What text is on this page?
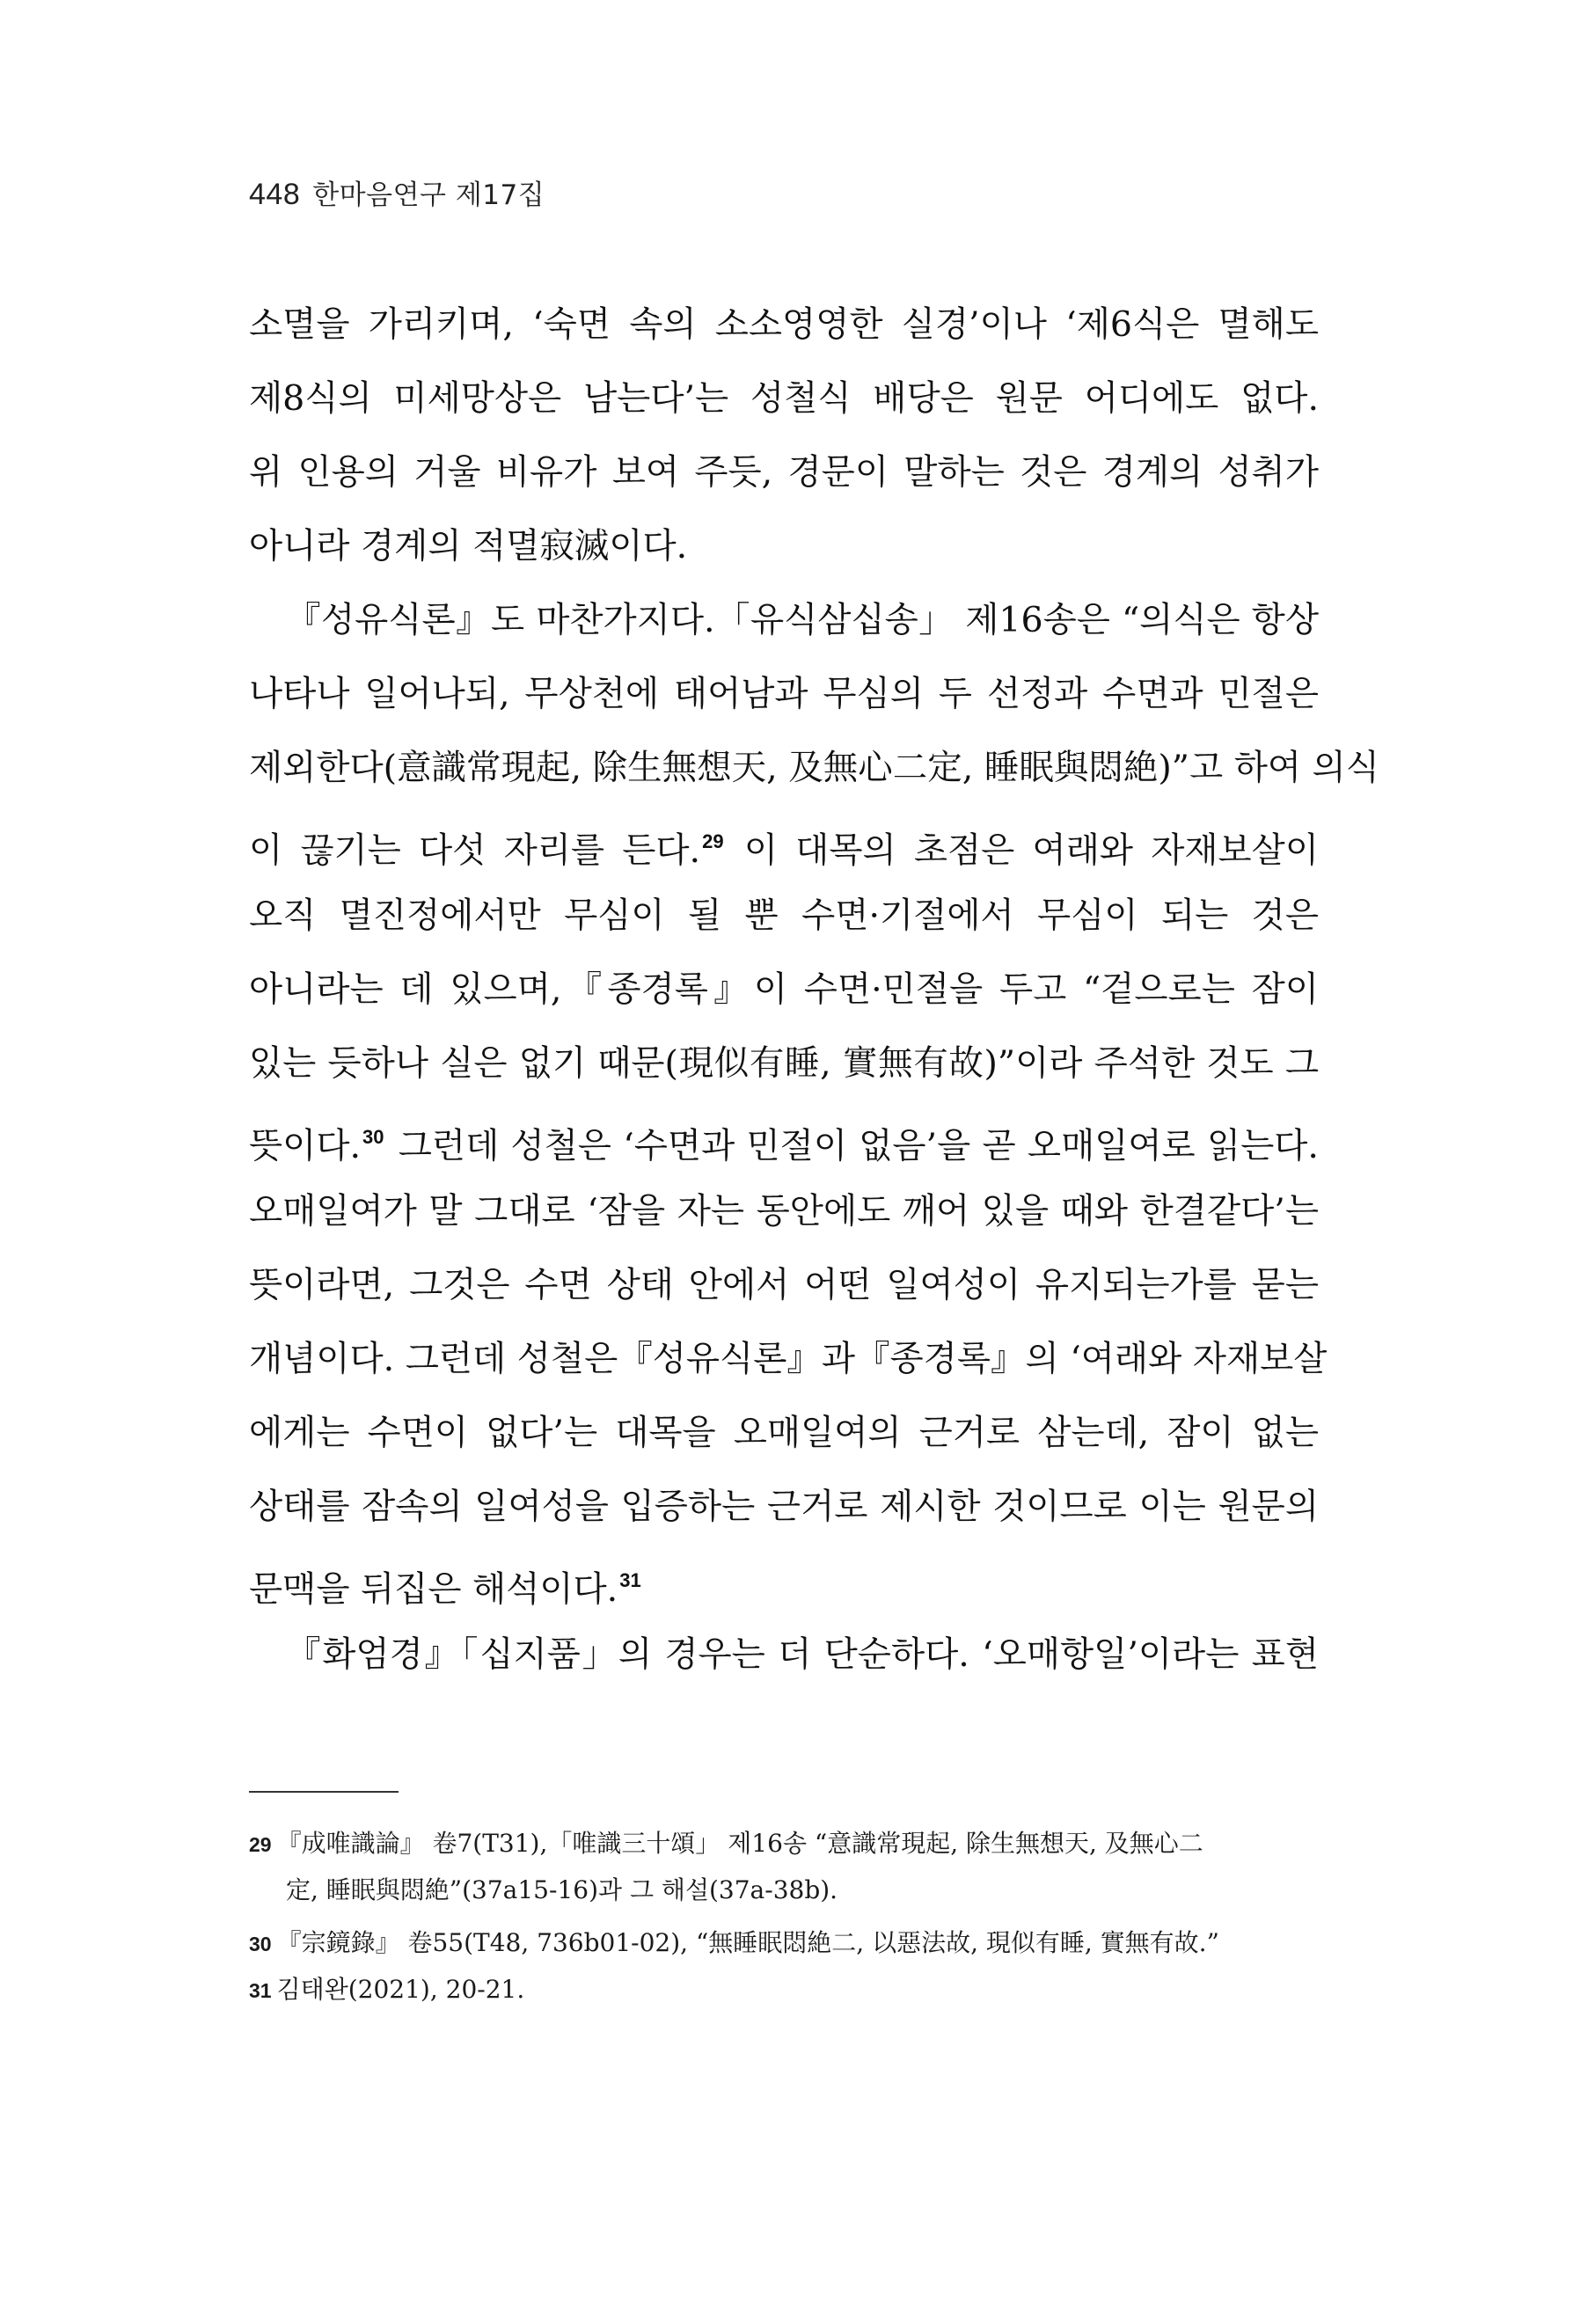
448 한마음연구 제17집
소멸을 가리키며, ‘숙면 속의 소소영영한 실경’이나 ‘제6식은 멸해도
제8식의 미세망상은 남는다’는 성철식 배당은 원문 어디에도 없다.
위 인용의 거울 비유가 보여 주듯, 경문이 말하는 것은 경계의 성취가
아니라 경계의 적멸寂滅이다.
『성유식론』도 마찬가지다.「유식삼십송」 제16송은 “의식은 항상
나타나 일어나되, 무상천에 태어남과 무심의 두 선정과 수면과 민절은
제외한다(意識常現起, 除生無想天, 及無心二定, 睡眠與悶絶)”고 하여 의식
이 끊기는 다섯 자리를 든다.$^{29}$ 이 대목의 초점은 여래와 자재보살이
오직 멸진정에서만 무심이 될 뿐 수면·기절에서 무심이 되는 것은
아니라는 데 있으며,『종경록』이 수면·민절을 두고 “겉으로는 잠이
있는 듯하나 실은 없기 때문(現似有睡, 實無有故)”이라 주석한 것도 그
뜻이다.$^{30}$ 그런데 성철은 ‘수면과 민절이 없음’을 곧 오매일여로 읽는다.
오매일여가 말 그대로 ‘잠을 자는 동안에도 깨어 있을 때와 한결같다’는
뜻이라면, 그것은 수면 상태 안에서 어떤 일여성이 유지되는가를 묻는
개념이다. 그런데 성철은『성유식론』과『종경록』의 ‘여래와 자재보살
에게는 수면이 없다’는 대목을 오매일여의 근거로 삼는데, 잠이 없는
상태를 잠속의 일여성을 입증하는 근거로 제시한 것이므로 이는 원문의
문맥을 뒤집은 해석이다.$^{31}$
『화엄경』「십지품」의 경우는 더 단순하다. ‘오매항일’이라는 표현
29 『成唯識論』 卷7(T31),「唯識三十頌」 제16송 “意識常現起, 除生無想天, 及無心二
定, 睡眠與悶絶”(37a15-16)과 그 해설(37a-38b).
30 『宗鏡錄』 卷55(T48, 736b01-02), “無睡眠悶絶二, 以惡法故, 現似有睡, 實無有故.”
31 김태완(2021), 20-21.
